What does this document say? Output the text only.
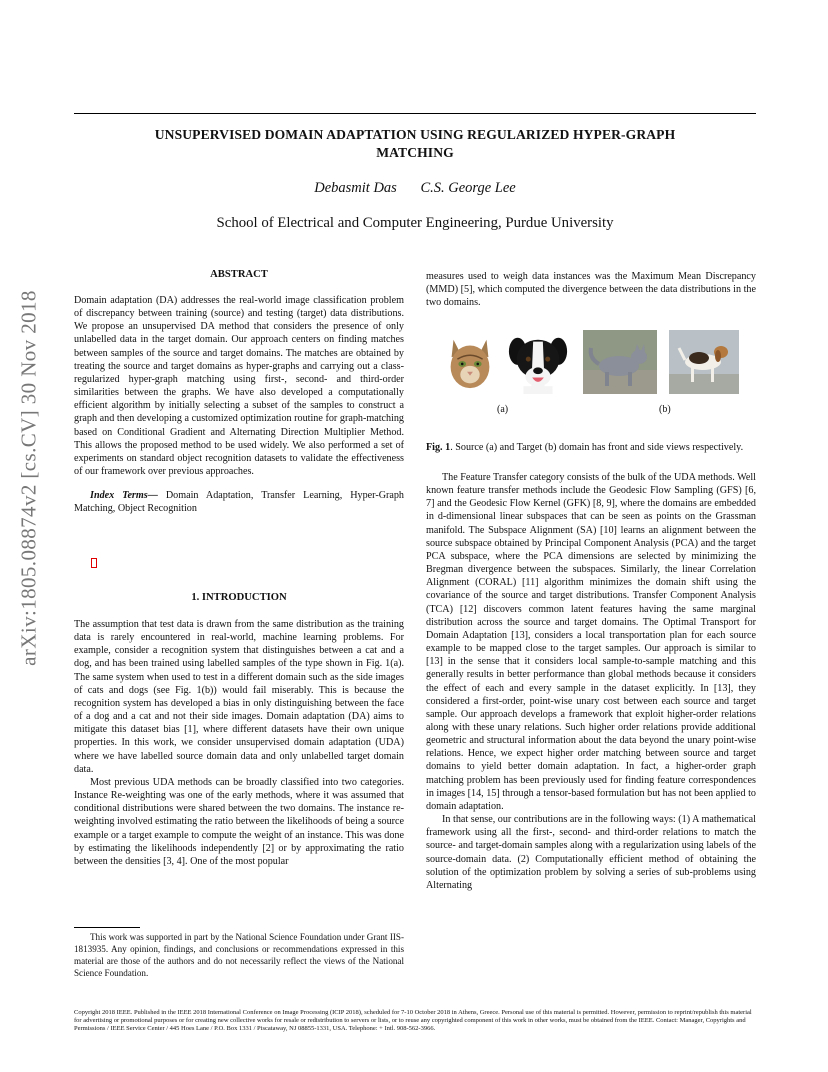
UNSUPERVISED DOMAIN ADAPTATION USING REGULARIZED HYPER-GRAPH
MATCHING
Debasmit Das C.S. George Lee
School of Electrical and Computer Engineering, Purdue University
arXiv:1805.08874v2 [cs.CV] 30 Nov 2018
ABSTRACT

Domain adaptation (DA) addresses the real-world image classification problem of discrepancy between training (source) and testing (target) data distributions. We propose an unsupervised DA method that considers the presence of only unlabelled data in the target domain. Our approach centers on finding matches between samples of the source and target domains. The matches are obtained by treating the source and target domains as hyper-graphs and carrying out a class-regularized hyper-graph matching using first-, second- and third-order similarities between the graphs. We have also developed a computationally efficient algorithm by initially selecting a subset of the samples to construct a graph and then developing a customized optimization routine for graph-matching based on Conditional Gradient and Alternating Direction Multiplier Method. This allows the proposed method to be used widely. We also performed a set of experiments on standard object recognition datasets to validate the effectiveness of our framework over previous approaches.

Index Terms— Domain Adaptation, Transfer Learning, Hyper-Graph Matching, Object Recognition

1. INTRODUCTION

The assumption that test data is drawn from the same distribution as the training data is rarely encountered in real-world, machine learning problems. For example, consider a recognition system that distinguishes between a cat and a dog, and has been trained using labelled samples of the type shown in Fig. 1(a). The same system when used to test in a different domain such as the side images of cats and dogs (see Fig. 1(b)) would fail miserably. This is because the recognition system has developed a bias in only distinguishing between the face of a dog and a cat and not their side images. Domain adaptation (DA) aims to mitigate this dataset bias [1], where different datasets have their own unique properties. In this work, we consider unsupervised domain adaptation (UDA) where we have labelled source domain data and only unlabelled target domain data.

Most previous UDA methods can be broadly classified into two categories. Instance Re-weighting was one of the early methods, where it was assumed that conditional distributions were shared between the two domains. The instance re-weighting involved estimating the ratio between the likelihoods of being a source example or a target example to compute the weight of an instance. This was done by estimating the likelihoods independently [2] or by approximating the ratio between the densities [3, 4]. One of the most popular

This work was supported in part by the National Science Foundation under Grant IIS-1813935. Any opinion, findings, and conclusions or recommendations expressed in this material are those of the authors and do not necessarily reflect the views of the National Science Foundation.

measures used to weigh data instances was the Maximum Mean Discrepancy (MMD) [5], which computed the divergence between the data distributions in the two domains.

(a)	(b)

Fig. 1. Source (a) and Target (b) domain has front and side views respectively.

The Feature Transfer category consists of the bulk of the UDA methods. Well known feature transfer methods include the Geodesic Flow Sampling (GFS) [6, 7] and the Geodesic Flow Kernel (GFK) [8, 9], where the domains are embedded in d-dimensional linear subspaces that can be seen as points on the Grassman manifold. The Subspace Alignment (SA) [10] learns an alignment between the source subspace obtained by Principal Component Analysis (PCA) and the target PCA subspace, where the PCA dimensions are selected by minimizing the Bregman divergence between the subspaces. Similarly, the linear Correlation Alignment (CORAL) [11] algorithm minimizes the domain shift using the covariance of the source and target distributions. Transfer Component Analysis (TCA) [12] discovers common latent features having the same marginal distribution across the source and target domains. The Optimal Transport for Domain Adaptation [13], considers a local transportation plan for each source example to be mapped close to the target samples. Our approach is similar to [13] in the sense that it considers local sample-to-sample matching and this generally results in better performance than global methods because it considers the effect of each and every sample in the dataset explicitly. In [13], they considered a first-order, point-wise unary cost between each source and target sample. Our approach develops a framework that exploit higher-order relations along with these unary relations. Such higher order relations provide additional geometric and structural information about the data beyond the unary point-wise relations. Hence, we expect higher order matching between source and target domains to yield better domain adaptation. In fact, a higher-order graph matching problem has been previously used for finding feature correspondences in images [14, 15] through a tensor-based formulation but has not been applied to domain adaptation.

In that sense, our contributions are in the following ways: (1) A mathematical framework using all the first-, second- and third-order relations to match the source- and target-domain samples along with a regularization using labels of the source-domain data. (2) Computationally efficient method of obtaining the solution of the optimization problem by solving a series of sub-problems using Alternating

Copyright 2018 IEEE. Published in the IEEE 2018 International Conference on Image Processing (ICIP 2018), scheduled for 7-10 October 2018 in Athens, Greece. Personal use of this material is permitted. However, permission to reprint/republish this material for advertising or promotional purposes or for creating new collective works for resale or redistribution to servers or lists, or to reuse any copyrighted component of this work in other works, must be obtained from the IEEE. Contact: Manager, Copyrights and Permissions / IEEE Service Center / 445 Hoes Lane / P.O. Box 1331 / Piscataway, NJ 08855-1331, USA. Telephone: + Intl. 908-562-3966.
